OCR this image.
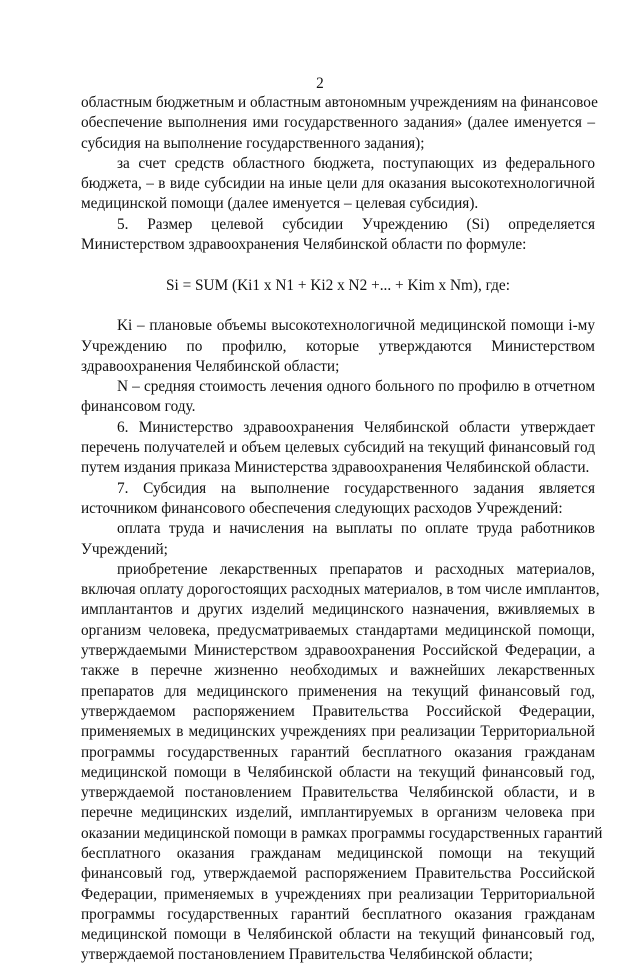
2
областным бюджетным и областным автономным учреждениям на финансовое
обеспечение выполнения ими государственного задания» (далее именуется –
субсидия на выполнение государственного задания);
за счет средств областного бюджета, поступающих из федерального
бюджета, – в виде субсидии на иные цели для оказания высокотехнологичной
медицинской помощи (далее именуется – целевая субсидия).
5. Размер целевой субсидии Учреждению (Si) определяется
Министерством здравоохранения Челябинской области по формуле:
Si = SUM (Ki1 x N1 + Ki2 x N2 +... + Kim x Nm), где:
Ki – плановые объемы высокотехнологичной медицинской помощи i-му
Учреждению по профилю, которые утверждаются Министерством
здравоохранения Челябинской области;
N – средняя стоимость лечения одного больного по профилю в отчетном
финансовом году.
6. Министерство здравоохранения Челябинской области утверждает
перечень получателей и объем целевых субсидий на текущий финансовый год
путем издания приказа Министерства здравоохранения Челябинской области.
7. Субсидия на выполнение государственного задания является
источником финансового обеспечения следующих расходов Учреждений:
оплата труда и начисления на выплаты по оплате труда работников
Учреждений;
приобретение лекарственных препаратов и расходных материалов,
включая оплату дорогостоящих расходных материалов, в том числе имплантов,
имплантантов и других изделий медицинского назначения, вживляемых в
организм человека, предусматриваемых стандартами медицинской помощи,
утверждаемыми Министерством здравоохранения Российской Федерации, а
также в перечне жизненно необходимых и важнейших лекарственных
препаратов для медицинского применения на текущий финансовый год,
утверждаемом распоряжением Правительства Российской Федерации,
применяемых в медицинских учреждениях при реализации Территориальной
программы государственных гарантий бесплатного оказания гражданам
медицинской помощи в Челябинской области на текущий финансовый год,
утверждаемой постановлением Правительства Челябинской области, и в
перечне медицинских изделий, имплантируемых в организм человека при
оказании медицинской помощи в рамках программы государственных гарантий
бесплатного оказания гражданам медицинской помощи на текущий
финансовый год, утверждаемой распоряжением Правительства Российской
Федерации, применяемых в учреждениях при реализации Территориальной
программы государственных гарантий бесплатного оказания гражданам
медицинской помощи в Челябинской области на текущий финансовый год,
утверждаемой постановлением Правительства Челябинской области;
